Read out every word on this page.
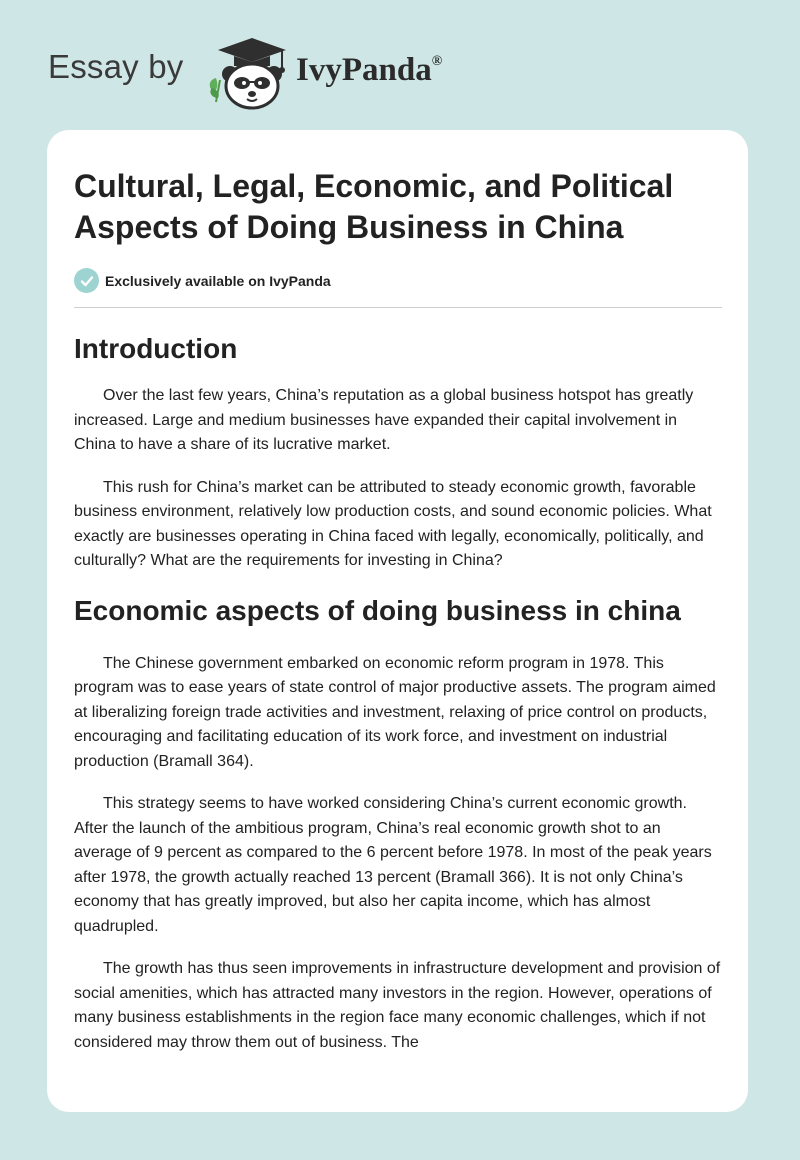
Essay by	IvyPanda®
Cultural, Legal, Economic, and Political Aspects of Doing Business in China
Exclusively available on IvyPanda
Introduction

Over the last few years, China’s reputation as a global business hotspot has greatly increased. Large and medium businesses have expanded their capital involvement in China to have a share of its lucrative market.

This rush for China’s market can be attributed to steady economic growth, favorable business environment, relatively low production costs, and sound economic policies. What exactly are businesses operating in China faced with legally, economically, politically, and culturally? What are the requirements for investing in China?

Economic aspects of doing business in china

The Chinese government embarked on economic reform program in 1978. This program was to ease years of state control of major productive assets. The program aimed at liberalizing foreign trade activities and investment, relaxing of price control on products, encouraging and facilitating education of its work force, and investment on industrial production (Bramall 364).

This strategy seems to have worked considering China’s current economic growth. After the launch of the ambitious program, China’s real economic growth shot to an average of 9 percent as compared to the 6 percent before 1978. In most of the peak years after 1978, the growth actually reached 13 percent (Bramall 366). It is not only China’s economy that has greatly improved, but also her capita income, which has almost quadrupled.

The growth has thus seen improvements in infrastructure development and provision of social amenities, which has attracted many investors in the region. However, operations of many business establishments in the region face many economic challenges, which if not considered may throw them out of business. The
